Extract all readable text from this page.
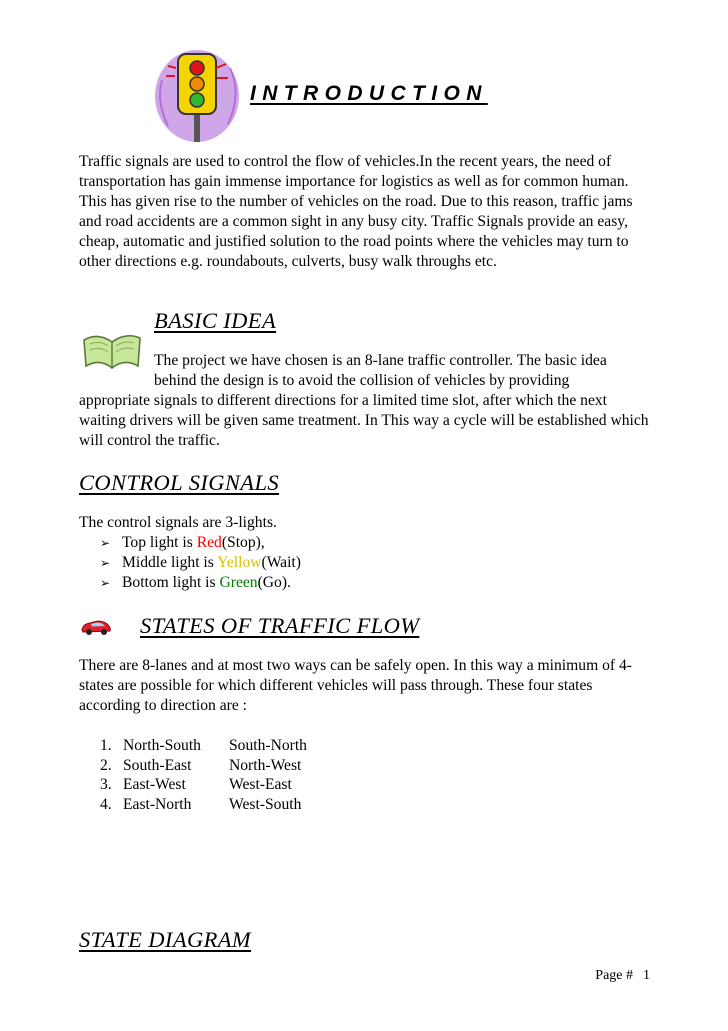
INTRODUCTION

Traffic signals are used to control the flow of vehicles.In the recent years, the need of transportation has gain immense importance for logistics as well as for common human. This has given rise to the number of vehicles on the road. Due to this reason, traffic jams and road accidents are a common sight in any busy city. Traffic Signals provide an easy, cheap, automatic and justified solution to the road points where the vehicles may turn to other directions e.g. roundabouts, culverts, busy walk throughs etc.

BASIC IDEA

The project we have chosen is an 8-lane traffic controller. The basic idea behind the design is to avoid the collision of vehicles by providing

appropriate signals to different directions for a limited time slot, after which the next waiting drivers will be given same treatment. In This way a cycle will be established which will control the traffic.

CONTROL SIGNALS

The control signals are 3-lights.

➢ Top light is Red(Stop),
➢ Middle light is Yellow(Wait)
➢ Bottom light is Green(Go).
STATES OF TRAFFIC FLOW

There are 8-lanes and at most two ways can be safely open. In this way a minimum of 4-states are possible for which different vehicles will pass through. These four states according to direction are :

1. North-South South-North
2. South-East North-West
3. East-West	West-East
4. East-North West-South
STATE DIAGRAM

Page # 1
